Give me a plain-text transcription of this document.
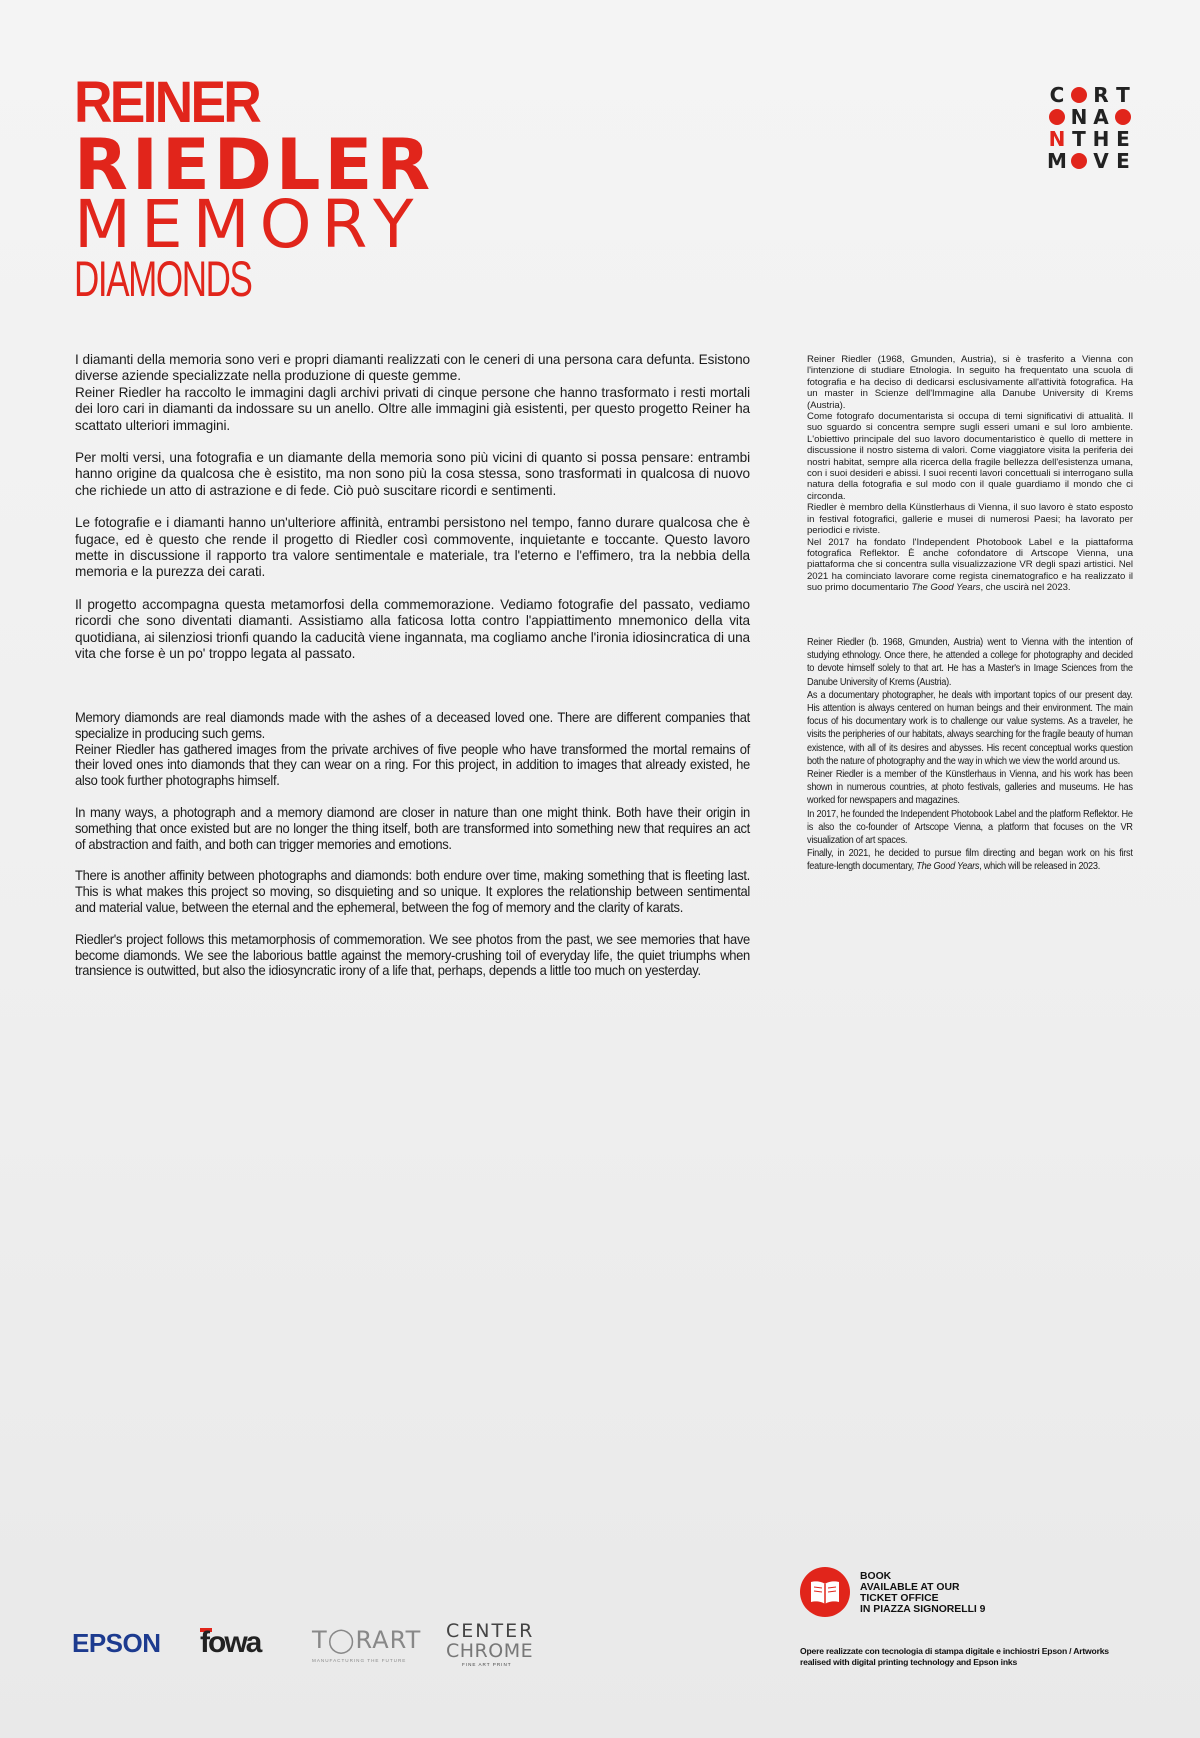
REINER
RIEDLER
MEMORY
DIAMONDS
C R T
N A
N T H E
M V E

I diamanti della memoria sono veri e propri diamanti realizzati con le ceneri di una persona cara defunta. Esistono diverse aziende specializzate nella produzione di queste gemme.
Reiner Riedler ha raccolto le immagini dagli archivi privati di cinque persone che hanno trasformato i resti mortali dei loro cari in diamanti da indossare su un anello. Oltre alle immagini già esistenti, per questo progetto Reiner ha scattato ulteriori immagini.

Per molti versi, una fotografia e un diamante della memoria sono più vicini di quanto si possa pensare: entrambi hanno origine da qualcosa che è esistito, ma non sono più la cosa stessa, sono trasformati in qualcosa di nuovo che richiede un atto di astrazione e di fede. Ciò può suscitare ricordi e sentimenti.

Le fotografie e i diamanti hanno un'ulteriore affinità, entrambi persistono nel tempo, fanno durare qualcosa che è fugace, ed è questo che rende il progetto di Riedler così commovente, inquietante e toccante. Questo lavoro mette in discussione il rapporto tra valore sentimentale e materiale, tra l'eterno e l'effimero, tra la nebbia della memoria e la purezza dei carati.

Il progetto accompagna questa metamorfosi della commemorazione. Vediamo fotografie del passato, vediamo ricordi che sono diventati diamanti. Assistiamo alla faticosa lotta contro l'appiattimento mnemonico della vita quotidiana, ai silenziosi trionfi quando la caducità viene ingannata, ma cogliamo anche l'ironia idiosincratica di una vita che forse è un po' troppo legata al passato.

Memory diamonds are real diamonds made with the ashes of a deceased loved one. There are different companies that specialize in producing such gems.
Reiner Riedler has gathered images from the private archives of five people who have transformed the mortal remains of their loved ones into diamonds that they can wear on a ring. For this project, in addition to images that already existed, he also took further photographs himself.

In many ways, a photograph and a memory diamond are closer in nature than one might think. Both have their origin in something that once existed but are no longer the thing itself, both are transformed into something new that requires an act of abstraction and faith, and both can trigger memories and emotions.

There is another affinity between photographs and diamonds: both endure over time, making something that is fleeting last. This is what makes this project so moving, so disquieting and so unique. It explores the relationship between sentimental and material value, between the eternal and the ephemeral, between the fog of memory and the clarity of karats.

Riedler's project follows this metamorphosis of commemoration. We see photos from the past, we see memories that have become diamonds. We see the laborious battle against the memory-crushing toil of everyday life, the quiet triumphs when transience is outwitted, but also the idiosyncratic irony of a life that, perhaps, depends a little too much on yesterday.

Reiner Riedler (1968, Gmunden, Austria), si è trasferito a Vienna con l'intenzione di studiare Etnologia. In seguito ha frequentato una scuola di fotografia e ha deciso di dedicarsi esclusivamente all'attività fotografica. Ha un master in Scienze dell'Immagine alla Danube University di Krems (Austria).

Come fotografo documentarista si occupa di temi significativi di attualità. Il suo sguardo si concentra sempre sugli esseri umani e sul loro ambiente. L'obiettivo principale del suo lavoro documentaristico è quello di mettere in discussione il nostro sistema di valori. Come viaggiatore visita la periferia dei nostri habitat, sempre alla ricerca della fragile bellezza dell'esistenza umana, con i suoi desideri e abissi. I suoi recenti lavori concettuali si interrogano sulla natura della fotografia e sul modo con il quale guardiamo il mondo che ci circonda.

Riedler è membro della Künstlerhaus di Vienna, il suo lavoro è stato esposto in festival fotografici, gallerie e musei di numerosi Paesi; ha lavorato per periodici e riviste.

Nel 2017 ha fondato l'Independent Photobook Label e la piattaforma fotografica Reflektor. È anche cofondatore di Artscope Vienna, una piattaforma che si concentra sulla visualizzazione VR degli spazi artistici. Nel 2021 ha cominciato lavorare come regista cinematografico e ha realizzato il suo primo documentario The Good Years, che uscirà nel 2023.

Reiner Riedler (b. 1968, Gmunden, Austria) went to Vienna with the intention of studying ethnology. Once there, he attended a college for photography and decided to devote himself solely to that art. He has a Master's in Image Sciences from the Danube University of Krems (Austria).

As a documentary photographer, he deals with important topics of our present day. His attention is always centered on human beings and their environment. The main focus of his documentary work is to challenge our value systems. As a traveler, he visits the peripheries of our habitats, always searching for the fragile beauty of human existence, with all of its desires and abysses. His recent conceptual works question both the nature of photography and the way in which we view the world around us.

Reiner Riedler is a member of the Künstlerhaus in Vienna, and his work has been shown in numerous countries, at photo festivals, galleries and museums. He has worked for newspapers and magazines.

In 2017, he founded the Independent Photobook Label and the platform Reflektor. He is also the co-founder of Artscope Vienna, a platform that focuses on the VR visualization of art spaces.

Finally, in 2021, he decided to pursue film directing and began work on his first feature-length documentary, The Good Years, which will be released in 2023.

EPSON fowa T◯RART
MANUFACTURING THE FUTURE
CENTER
CHROME
FINE ART PRINT
BOOK
AVAILABLE AT OUR
TICKET OFFICE
IN PIAZZA SIGNORELLI 9
Opere realizzate con tecnologia di stampa digitale e inchiostri Epson / Artworks realised with digital printing technology and Epson inks
